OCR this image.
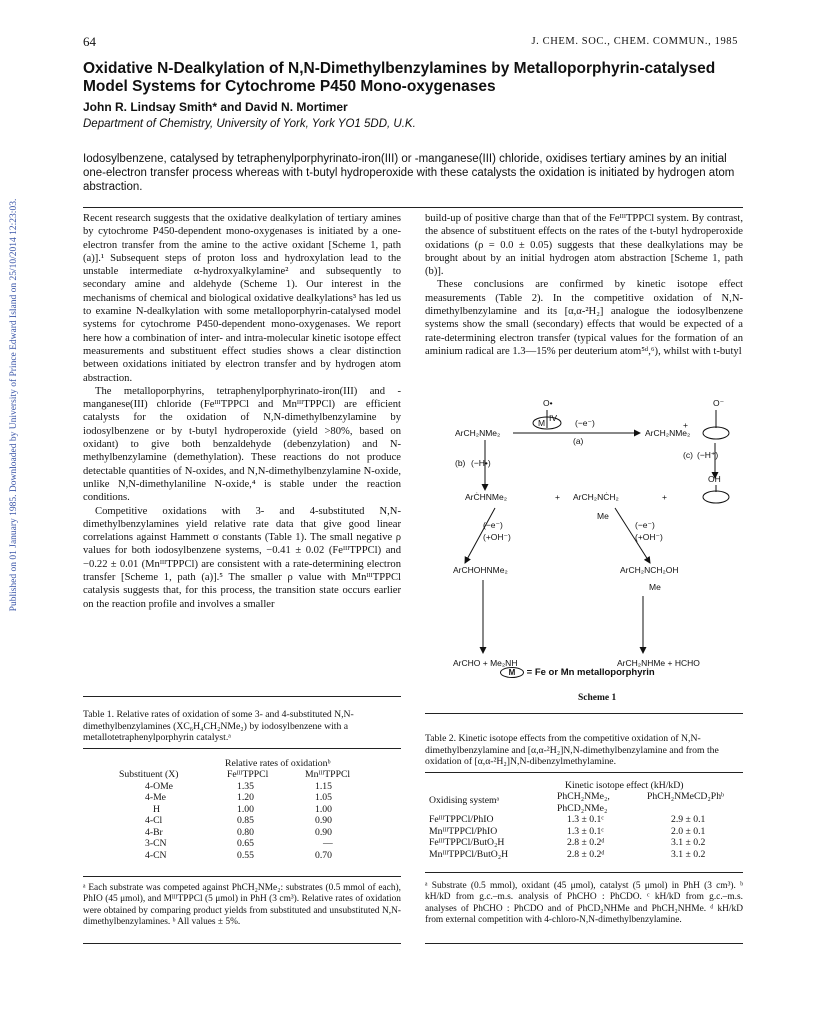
Published on 01 January 1985. Downloaded by University of Prince Edward Island on 25/10/2014 12:23:03.
64	J. CHEM. SOC., CHEM. COMMUN., 1985
Oxidative N-Dealkylation of N,N-Dimethylbenzylamines by Metalloporphyrin-catalysed Model Systems for Cytochrome P450 Mono-oxygenases
John R. Lindsay Smith* and David N. Mortimer
Department of Chemistry, University of York, York YO1 5DD, U.K.
Iodosylbenzene, catalysed by tetraphenylporphyrinato-iron(III) or -manganese(III) chloride, oxidises tertiary amines by an initial one-electron transfer process whereas with t-butyl hydroperoxide with these catalysts the oxidation is initiated by hydrogen atom abstraction.

Recent research suggests that the oxidative dealkylation of tertiary amines by cytochrome P450-dependent mono-oxygenases is initiated by a one-electron transfer from the amine to the active oxidant [Scheme 1, path (a)].¹ Subsequent steps of proton loss and hydroxylation lead to the unstable intermediate α-hydroxyalkylamine² and subsequently to secondary amine and aldehyde (Scheme 1). Our interest in the mechanisms of chemical and biological oxidative dealkylations³ has led us to examine N-dealkylation with some metalloporphyrin-catalysed model systems for cytochrome P450-dependent mono-oxygenases. We report here how a combination of inter- and intra-molecular kinetic isotope effect measurements and substituent effect studies shows a clear distinction between oxidations initiated by electron transfer and by hydrogen atom abstraction.

The metalloporphyrins, tetraphenylporphyrinato-iron(III) and -manganese(III) chloride (FeᴵᴵᴵTPPCl and MnᴵᴵᴵTPPCl) are efficient catalysts for the oxidation of N,N-dimethylbenzylamine by iodosylbenzene or by t-butyl hydroperoxide (yield >80%, based on oxidant) to give both benzaldehyde (debenzylation) and N-methylbenzylamine (demethylation). These reactions do not produce detectable quantities of N-oxides, and N,N-dimethylbenzylamine N-oxide, unlike N,N-dimethylaniline N-oxide,⁴ is stable under the reaction conditions.

Competitive oxidations with 3- and 4-substituted N,N-dimethylbenzylamines yield relative rate data that give good linear correlations against Hammett σ constants (Table 1). The small negative ρ values for both iodosylbenzene systems, −0.41 ± 0.02 (FeᴵᴵᴵTPPCl) and −0.22 ± 0.01 (MnᴵᴵᴵTPPCl) are consistent with a rate-determining electron transfer [Scheme 1, path (a)].⁵ The smaller ρ value with MnᴵᴵᴵTPPCl catalysis suggests that, for this process, the transition state occurs earlier on the reaction profile and involves a smaller

build-up of positive charge than that of the FeᴵᴵᴵTPPCl system. By contrast, the absence of substituent effects on the rates of the t-butyl hydroperoxide oxidations (ρ = 0.0 ± 0.05) suggests that these dealkylations may be brought about by an initial hydrogen atom abstraction [Scheme 1, path (b)].

These conclusions are confirmed by kinetic isotope effect measurements (Table 2). In the competitive oxidation of N,N-dimethylbenzylamine and its [α,α-²H₂] analogue the iodosylbenzene systems show the small (secondary) effects that would be expected of a rate-determining electron transfer (typical values for the formation of an aminium radical are 1.3—15% per deuterium atom⁵ᵈ,⁶), whilst with t-butyl

O•
M IV
ArCH₂NMe₂
(−e⁻)
(a)
ArCH₂NMe₂
+
O⁻
(c) (−H⁺)
(b) (−H•)
ArĊHNMe₂	+ ArCH₂NĊH₂
Me
+
OH
(−e⁻)
(+OH⁻)
(−e⁻)
(+OH⁻)
ArCHOHNMe₂	ArCH₂NCH₂OH
Me
ArCHO + Me₂NH	ArCH₂NHMe + HCHO
M = Fe or Mn metalloporphyrin
Scheme 1
Table 1. Relative rates of oxidation of some 3- and 4-substituted N,N-dimethylbenzylamines (XC₆H₄CH₂NMe₂) by iodosylbenzene with a metallotetraphenylporphyrin catalyst.ᵃ
Relative rates of oxidationᵇ
Substituent (X)	FeᴵᴵᴵTPPCl	MnᴵᴵᴵTPPCl
4-OMe	1.35	1.15
4-Me	1.20	1.05
H	1.00	1.00
4-Cl	0.85	0.90
4-Br	0.80	0.90
3-CN	0.65	—
4-CN	0.55	0.70
ᵃ Each substrate was competed against PhCH₂NMe₂: substrates (0.5 mmol of each), PhIO (45 μmol), and MᴵᴵᴵTPPCl (5 μmol) in PhH (3 cm³). Relative rates of oxidation were obtained by comparing product yields from substituted and unsubstituted N,N-dimethylbenzylamines. ᵇ All values ± 5%.
Table 2. Kinetic isotope effects from the competitive oxidation of N,N-dimethylbenzylamine and [α,α-²H₂]N,N-dimethylbenzylamine and from the oxidation of [α,α-²H₂]N,N-dibenzylmethylamine.
Kinetic isotope effect (kH/kD)
Oxidising systemᵃ	PhCH₂NMe₂, PhCD₂NMe₂	PhCH₂NMeCD₂Phᵇ
FeᴵᴵᴵTPPCl/PhIO	1.3 ± 0.1ᶜ	2.9 ± 0.1
MnᴵᴵᴵTPPCl/PhIO	1.3 ± 0.1ᶜ	2.0 ± 0.1
FeᴵᴵᴵTPPCl/ButO₂H	2.8 ± 0.2ᵈ	3.1 ± 0.2
MnᴵᴵᴵTPPCl/ButO₂H	2.8 ± 0.2ᵈ	3.1 ± 0.2
ᵃ Substrate (0.5 mmol), oxidant (45 μmol), catalyst (5 μmol) in PhH (3 cm³). ᵇ kH/kD from g.c.–m.s. analysis of PhCHO : PhCDO. ᶜ kH/kD from g.c.–m.s. analyses of PhCHO : PhCDO and of PhCD₂NHMe and PhCH₂NHMe. ᵈ kH/kD from external competition with 4-chloro-N,N-dimethylbenzylamine.
